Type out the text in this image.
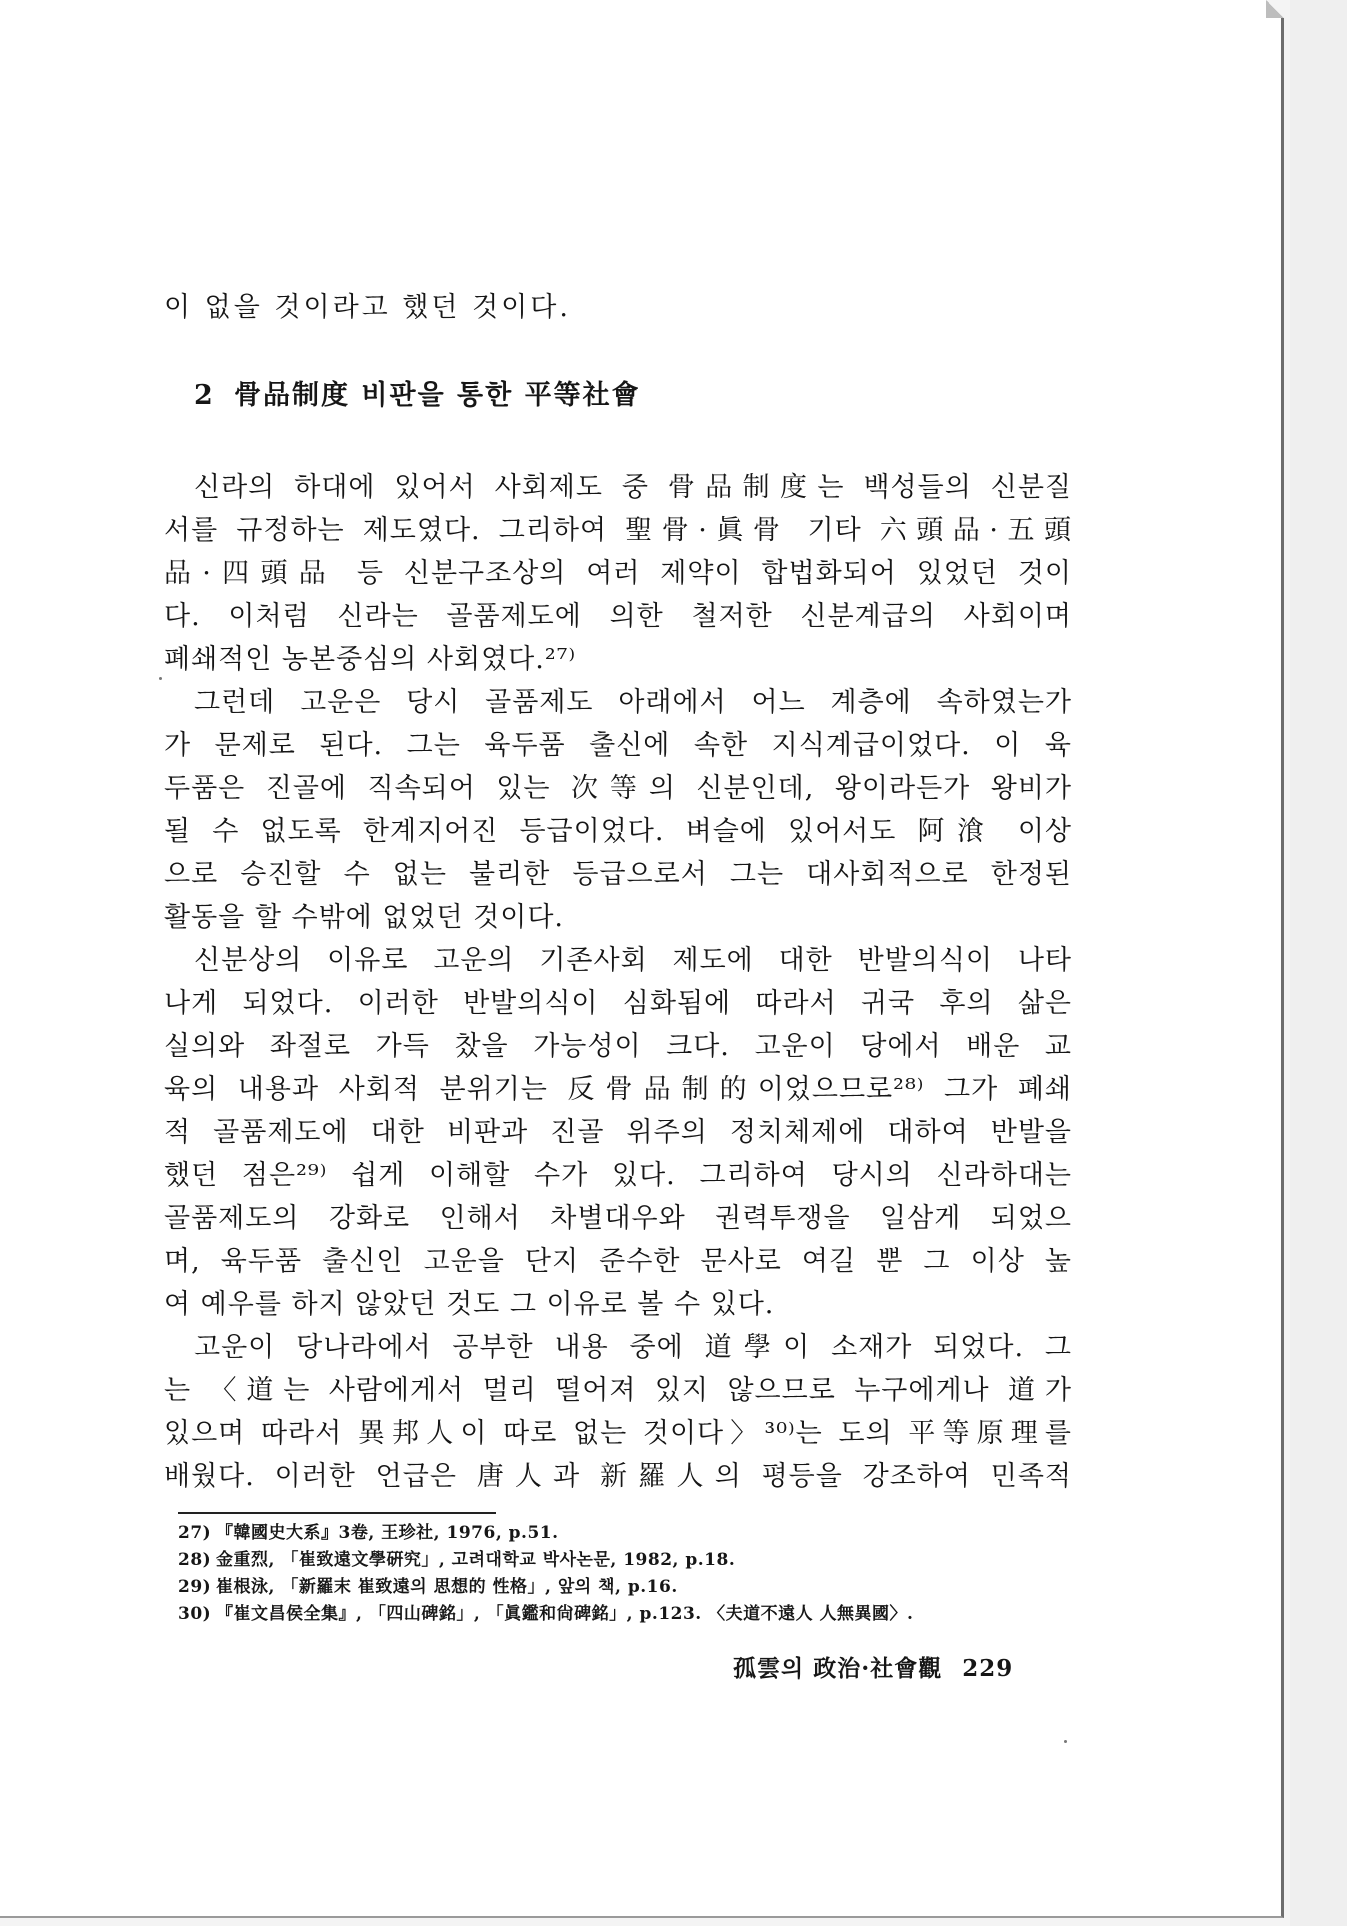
이 없을 것이라고 했던 것이다.

2 骨品制度 비판을 통한 平等社會
신라의 하대에 있어서 사회제도 중 骨品制度는 백성들의 신분질
서를 규정하는 제도였다. 그리하여 聖骨·眞骨 기타 六頭品·五頭
品·四頭品 등 신분구조상의 여러 제약이 합법화되어 있었던 것이
다. 이처럼 신라는 골품제도에 의한 철저한 신분계급의 사회이며
폐쇄적인 농본중심의 사회였다.²⁷⁾
그런데 고운은 당시 골품제도 아래에서 어느 계층에 속하였는가
가 문제로 된다. 그는 육두품 출신에 속한 지식계급이었다. 이 육
두품은 진골에 직속되어 있는 次等의 신분인데, 왕이라든가 왕비가
될 수 없도록 한계지어진 등급이었다. 벼슬에 있어서도 阿湌 이상
으로 승진할 수 없는 불리한 등급으로서 그는 대사회적으로 한정된
활동을 할 수밖에 없었던 것이다.
신분상의 이유로 고운의 기존사회 제도에 대한 반발의식이 나타
나게 되었다. 이러한 반발의식이 심화됨에 따라서 귀국 후의 삶은
실의와 좌절로 가득 찼을 가능성이 크다. 고운이 당에서 배운 교
육의 내용과 사회적 분위기는 反骨品制的이었으므로²⁸⁾ 그가 폐쇄
적 골품제도에 대한 비판과 진골 위주의 정치체제에 대하여 반발을
했던 점은²⁹⁾ 쉽게 이해할 수가 있다. 그리하여 당시의 신라하대는
골품제도의 강화로 인해서 차별대우와 권력투쟁을 일삼게 되었으
며, 육두품 출신인 고운을 단지 준수한 문사로 여길 뿐 그 이상 높
여 예우를 하지 않았던 것도 그 이유로 볼 수 있다.
고운이 당나라에서 공부한 내용 중에 道學이 소재가 되었다. 그
는 〈道는 사람에게서 멀리 떨어져 있지 않으므로 누구에게나 道가
있으며 따라서 異邦人이 따로 없는 것이다〉³⁰⁾는 도의 平等原理를
배웠다. 이러한 언급은 唐人과 新羅人의 평등을 강조하여 민족적
27) 『韓國史大系』3卷, 王珍社, 1976, p.51.
28) 金重烈, 「崔致遠文學硏究」, 고려대학교 박사논문, 1982, p.18.
29) 崔根泳, 「新羅末 崔致遠의 思想的 性格」, 앞의 책, p.16.
30) 『崔文昌侯全集』, 「四山碑銘」, 「眞鑑和尙碑銘」, p.123. 〈夫道不遠人 人無異國〉.
孤雲의 政治·社會觀 229
